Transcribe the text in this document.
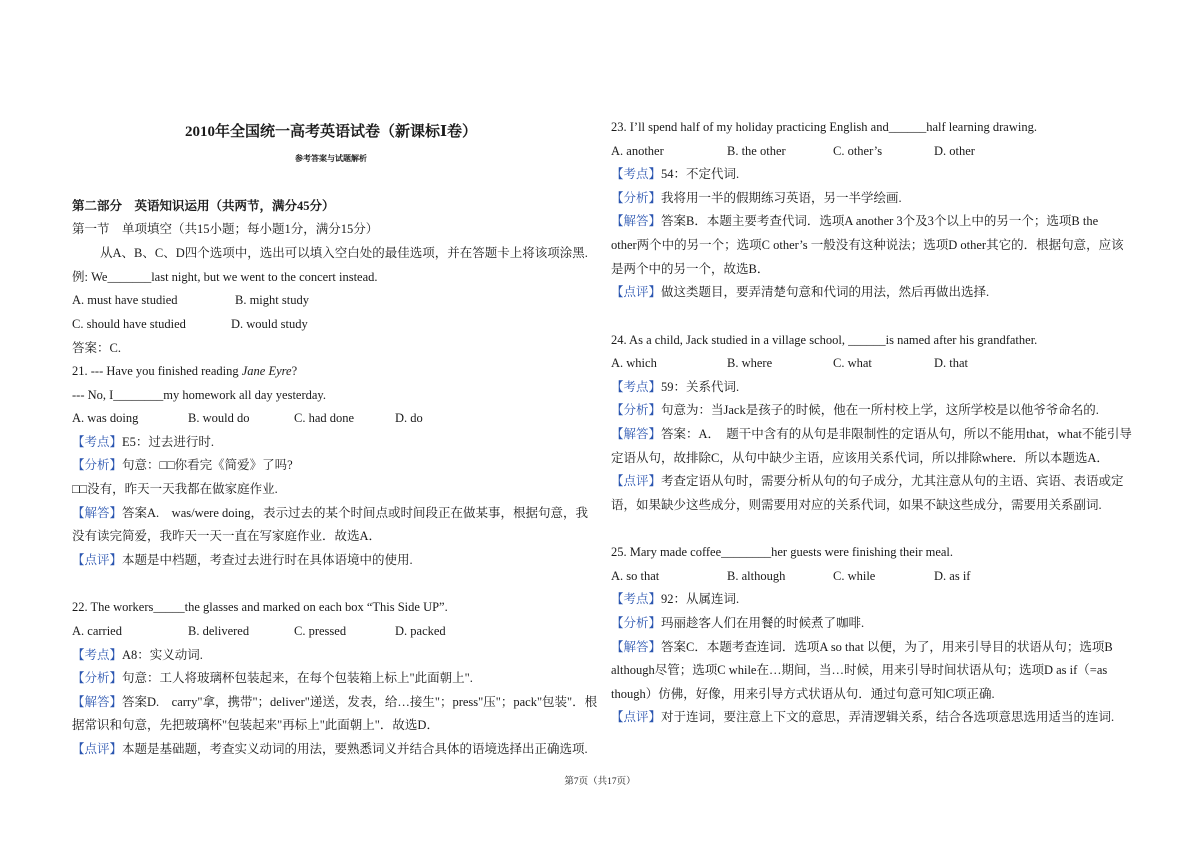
2010年全国统一高考英语试卷（新课标Ⅰ卷）
参考答案与试题解析
第二部分　英语知识运用（共两节，满分45分）
第一节　单项填空（共15小题；每小题1分，满分15分）
从A、B、C、D四个选项中，选出可以填入空白处的最佳选项，并在答题卡上将该项涂黑.
例: We_______last night, but we went to the concert instead.
A. must have studied	B. might study
C. should have studied	D. would study
答案：C.
21. --- Have you finished reading Jane Eyre?
--- No, I________my homework all day yesterday.
A. was doing	B. would do	C. had done	D. do
【考点】E5：过去进行时.
【分析】句意：□□你看完《简爱》了吗?
□□没有，昨天一天我都在做家庭作业.
【解答】答案A.　was/were doing，表示过去的某个时间点或时间段正在做某事，根据句意，我
没有读完简爱，我昨天一天一直在写家庭作业．故选A．
【点评】本题是中档题，考查过去进行时在具体语境中的使用.
22. The workers_____the glasses and marked on each box “This Side UP”.
A. carried	B. delivered	C. pressed	D. packed
【考点】A8：实义动词.
【分析】句意：工人将玻璃杯包装起来，在每个包装箱上标上"此面朝上".
【解答】答案D.　carry"拿，携带"；deliver"递送，发表，给…接生"；press"压"；pack"包装"．根
据常识和句意，先把玻璃杯"包装起来"再标上"此面朝上"．故选D．
【点评】本题是基础题，考查实义动词的用法，要熟悉词义并结合具体的语境选择出正确选项.
23. I’ll spend half of my holiday practicing English and______half learning drawing.
A. another	B. the other	C. other’s	D. other
【考点】54：不定代词.
【分析】我将用一半的假期练习英语，另一半学绘画.
【解答】答案B．本题主要考查代词．选项A another 3个及3个以上中的另一个；选项B the
other两个中的另一个；选项C other’s 一般没有这种说法；选项D other其它的．根据句意，应该
是两个中的另一个，故选B．
【点评】做这类题目，要弄清楚句意和代词的用法，然后再做出选择.
24. As a child, Jack studied in a village school, ______is named after his grandfather.
A. which	B. where	C. what	D. that
【考点】59：关系代词.
【分析】句意为：当Jack是孩子的时候，他在一所村校上学，这所学校是以他爷爷命名的.
【解答】答案：A．　题干中含有的从句是非限制性的定语从句，所以不能用that，what不能引导
定语从句，故排除C，从句中缺少主语，应该用关系代词，所以排除where．所以本题选A．
【点评】考查定语从句时，需要分析从句的句子成分，尤其注意从句的主语、宾语、表语或定
语，如果缺少这些成分，则需要用对应的关系代词，如果不缺这些成分，需要用关系副词.
25. Mary made coffee________her guests were finishing their meal.
A. so that	B. although	C. while	D. as if
【考点】92：从属连词.
【分析】玛丽趁客人们在用餐的时候煮了咖啡.
【解答】答案C．本题考查连词．选项A so that 以便，为了，用来引导目的状语从句；选项B
although尽管；选项C while在…期间，当…时候，用来引导时间状语从句；选项D as if（=as
though）仿佛，好像，用来引导方式状语从句．通过句意可知C项正确.
【点评】对于连词，要注意上下文的意思，弄清逻辑关系，结合各选项意思选用适当的连词.
第7页（共17页）
